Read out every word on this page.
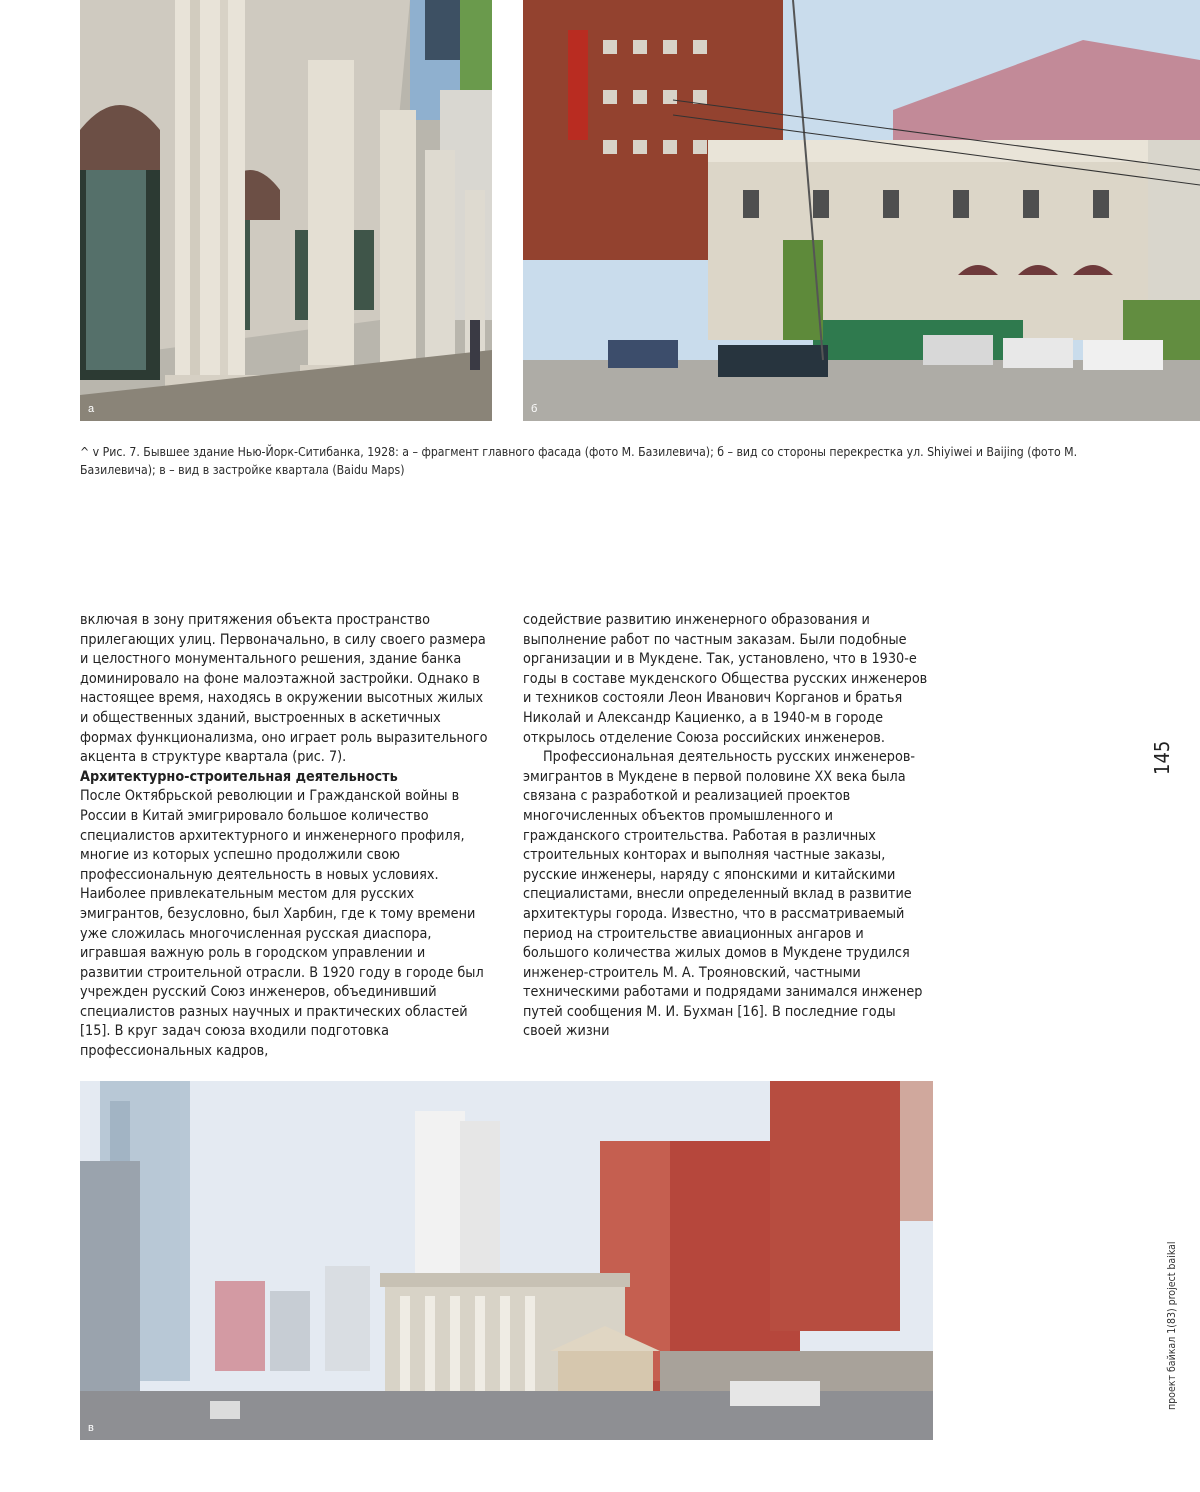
а	б
^ v Рис. 7. Бывшее здание Нью-Йорк-Ситибанка, 1928: а – фрагмент главного фасада (фото М. Базилевича); б – вид со стороны перекрестка ул. Shiyiwei и Baijing (фото М. Базилевича); в – вид в застройке квартала (Baidu Maps)

включая в зону притяжения объекта пространство прилегающих улиц. Первоначально, в силу своего размера и целостного монументального решения, здание банка доминировало на фоне малоэтажной застройки. Однако в настоящее время, находясь в окружении высотных жилых и общественных зданий, выстроенных в аскетичных формах функционализма, оно играет роль выразительного акцента в структуре квартала (рис. 7).

Архитектурно-строительная деятельность

После Октябрьской революции и Гражданской войны в России в Китай эмигрировало большое количество специалистов архитектурного и инженерного профиля, многие из которых успешно продолжили свою профессиональную деятельность в новых условиях. Наиболее привлекательным местом для русских эмигрантов, безусловно, был Харбин, где к тому времени уже сложилась многочисленная русская диаспора, игравшая важную роль в городском управлении и развитии строительной отрасли. В 1920 году в городе был учрежден русский Союз инженеров, объединивший специалистов разных научных и практических областей [15]. В круг задач союза входили подготовка профессиональных кадров,

содействие развитию инженерного образования и выполнение работ по частным заказам. Были подобные организации и в Мукдене. Так, установлено, что в 1930-е годы в составе мукденского Общества русских инженеров и техников состояли Леон Иванович Корганов и братья Николай и Александр Кациенко, а в 1940-м в городе открылось отделение Союза российских инженеров.

Профессиональная деятельность русских инженеров-эмигрантов в Мукдене в первой половине XX века была связана с разработкой и реализацией проектов многочисленных объектов промышленного и гражданского строительства. Работая в различных строительных конторах и выполняя частные заказы, русские инженеры, наряду с японскими и китайскими специалистами, внесли определенный вклад в развитие архитектуры города. Известно, что в рассматриваемый период на строительстве авиационных ангаров и большого количества жилых домов в Мукдене трудился инженер-строитель М. А. Трояновский, частными техническими работами и подрядами занимался инженер путей сообщения М. И. Бухман [16]. В последние годы своей жизни

145
в
проект байкал 1(83) project baikal
